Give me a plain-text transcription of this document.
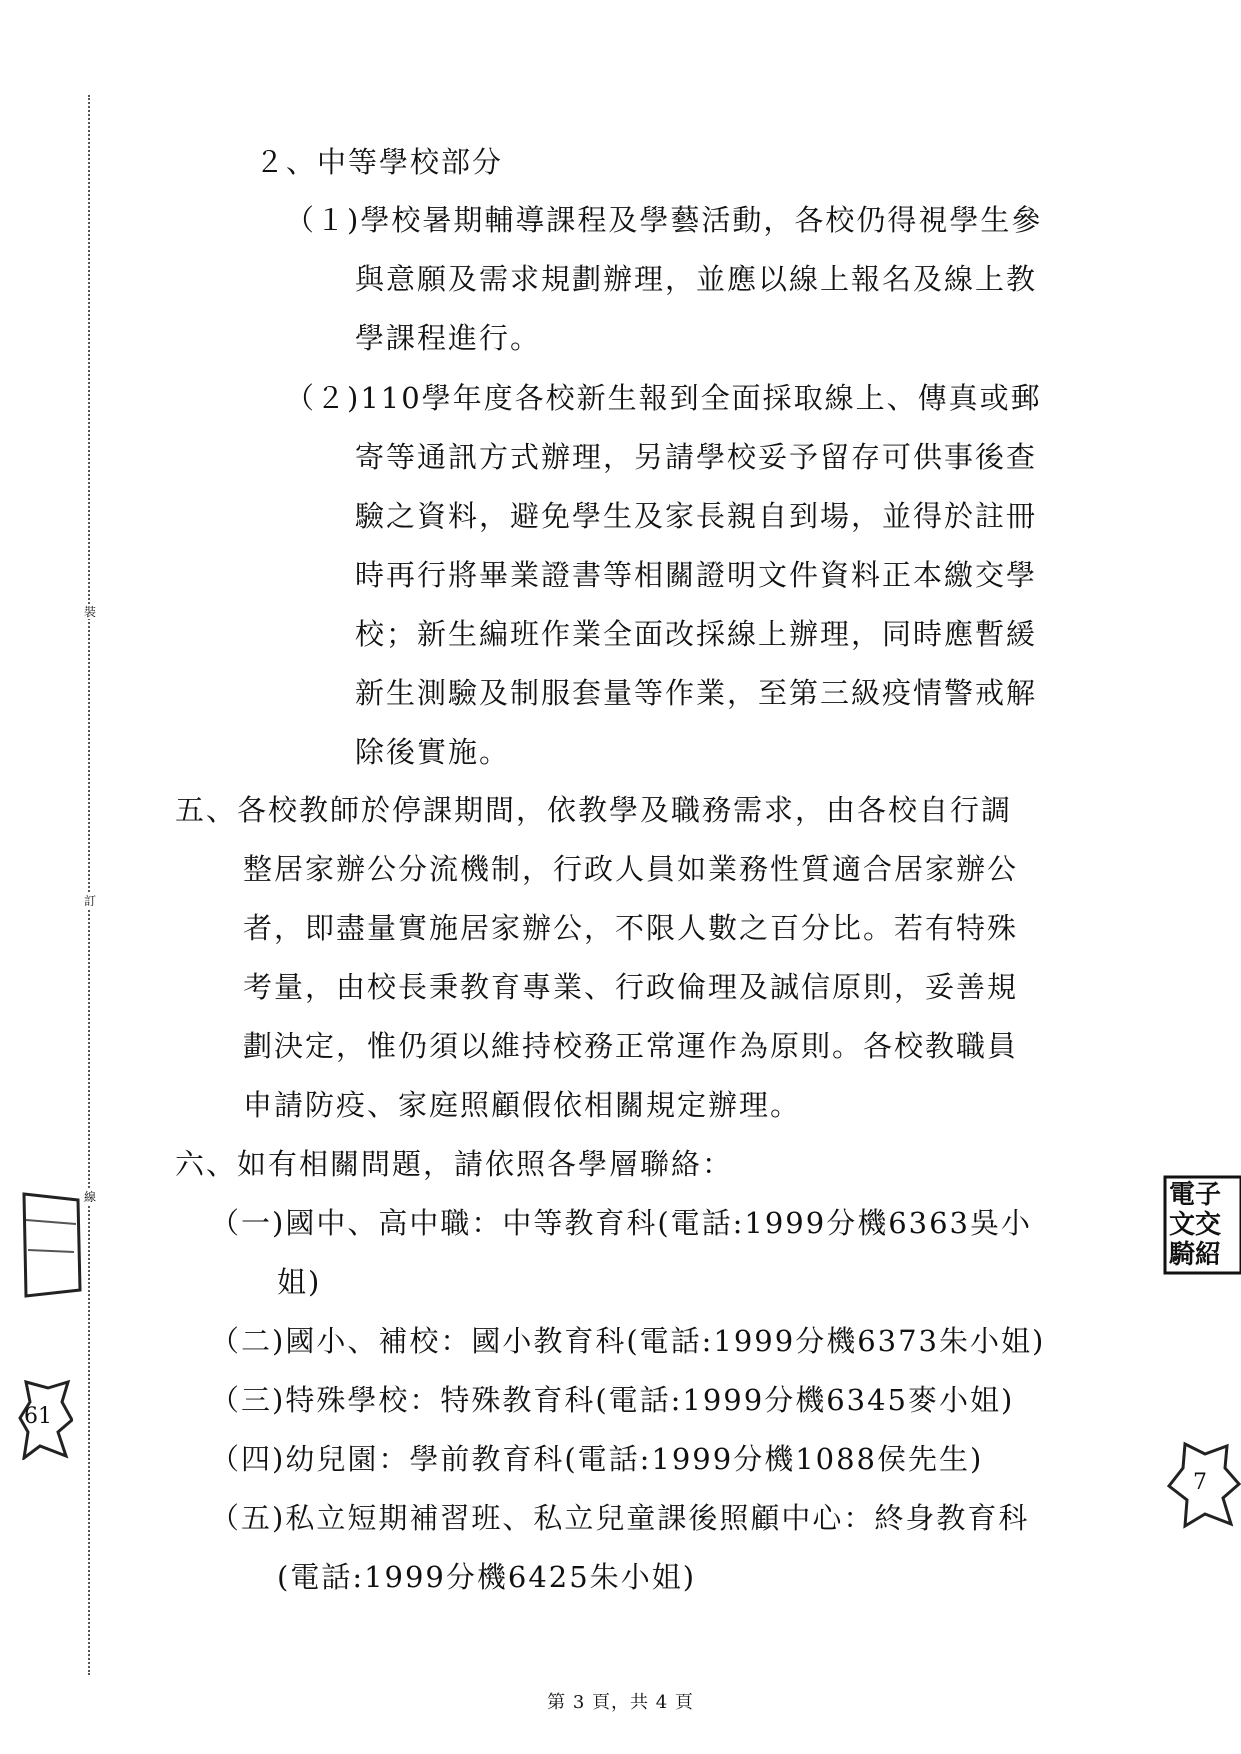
裝
訂
線
２、中等學校部分
（１)學校暑期輔導課程及學藝活動，各校仍得視學生參
與意願及需求規劃辦理，並應以線上報名及線上教
學課程進行。
（２)110學年度各校新生報到全面採取線上、傳真或郵
寄等通訊方式辦理，另請學校妥予留存可供事後查
驗之資料，避免學生及家長親自到場，並得於註冊
時再行將畢業證書等相關證明文件資料正本繳交學
校；新生編班作業全面改採線上辦理，同時應暫緩
新生測驗及制服套量等作業，至第三級疫情警戒解
除後實施。
五、各校教師於停課期間，依教學及職務需求，由各校自行調
整居家辦公分流機制，行政人員如業務性質適合居家辦公
者，即盡量實施居家辦公，不限人數之百分比。若有特殊
考量，由校長秉教育專業、行政倫理及誠信原則，妥善規
劃決定，惟仍須以維持校務正常運作為原則。各校教職員
申請防疫、家庭照顧假依相關規定辦理。
六、如有相關問題，請依照各學層聯絡：
（一)國中、高中職：中等教育科(電話:1999分機6363吳小
姐)
（二)國小、補校：國小教育科(電話:1999分機6373朱小姐)
（三)特殊學校：特殊教育科(電話:1999分機6345麥小姐)
（四)幼兒園：學前教育科(電話:1999分機1088侯先生)
（五)私立短期補習班、私立兒童課後照顧中心：終身教育科
(電話:1999分機6425朱小姐)
61
電子
文交
騎紹
7
第 3 頁，共 4 頁
